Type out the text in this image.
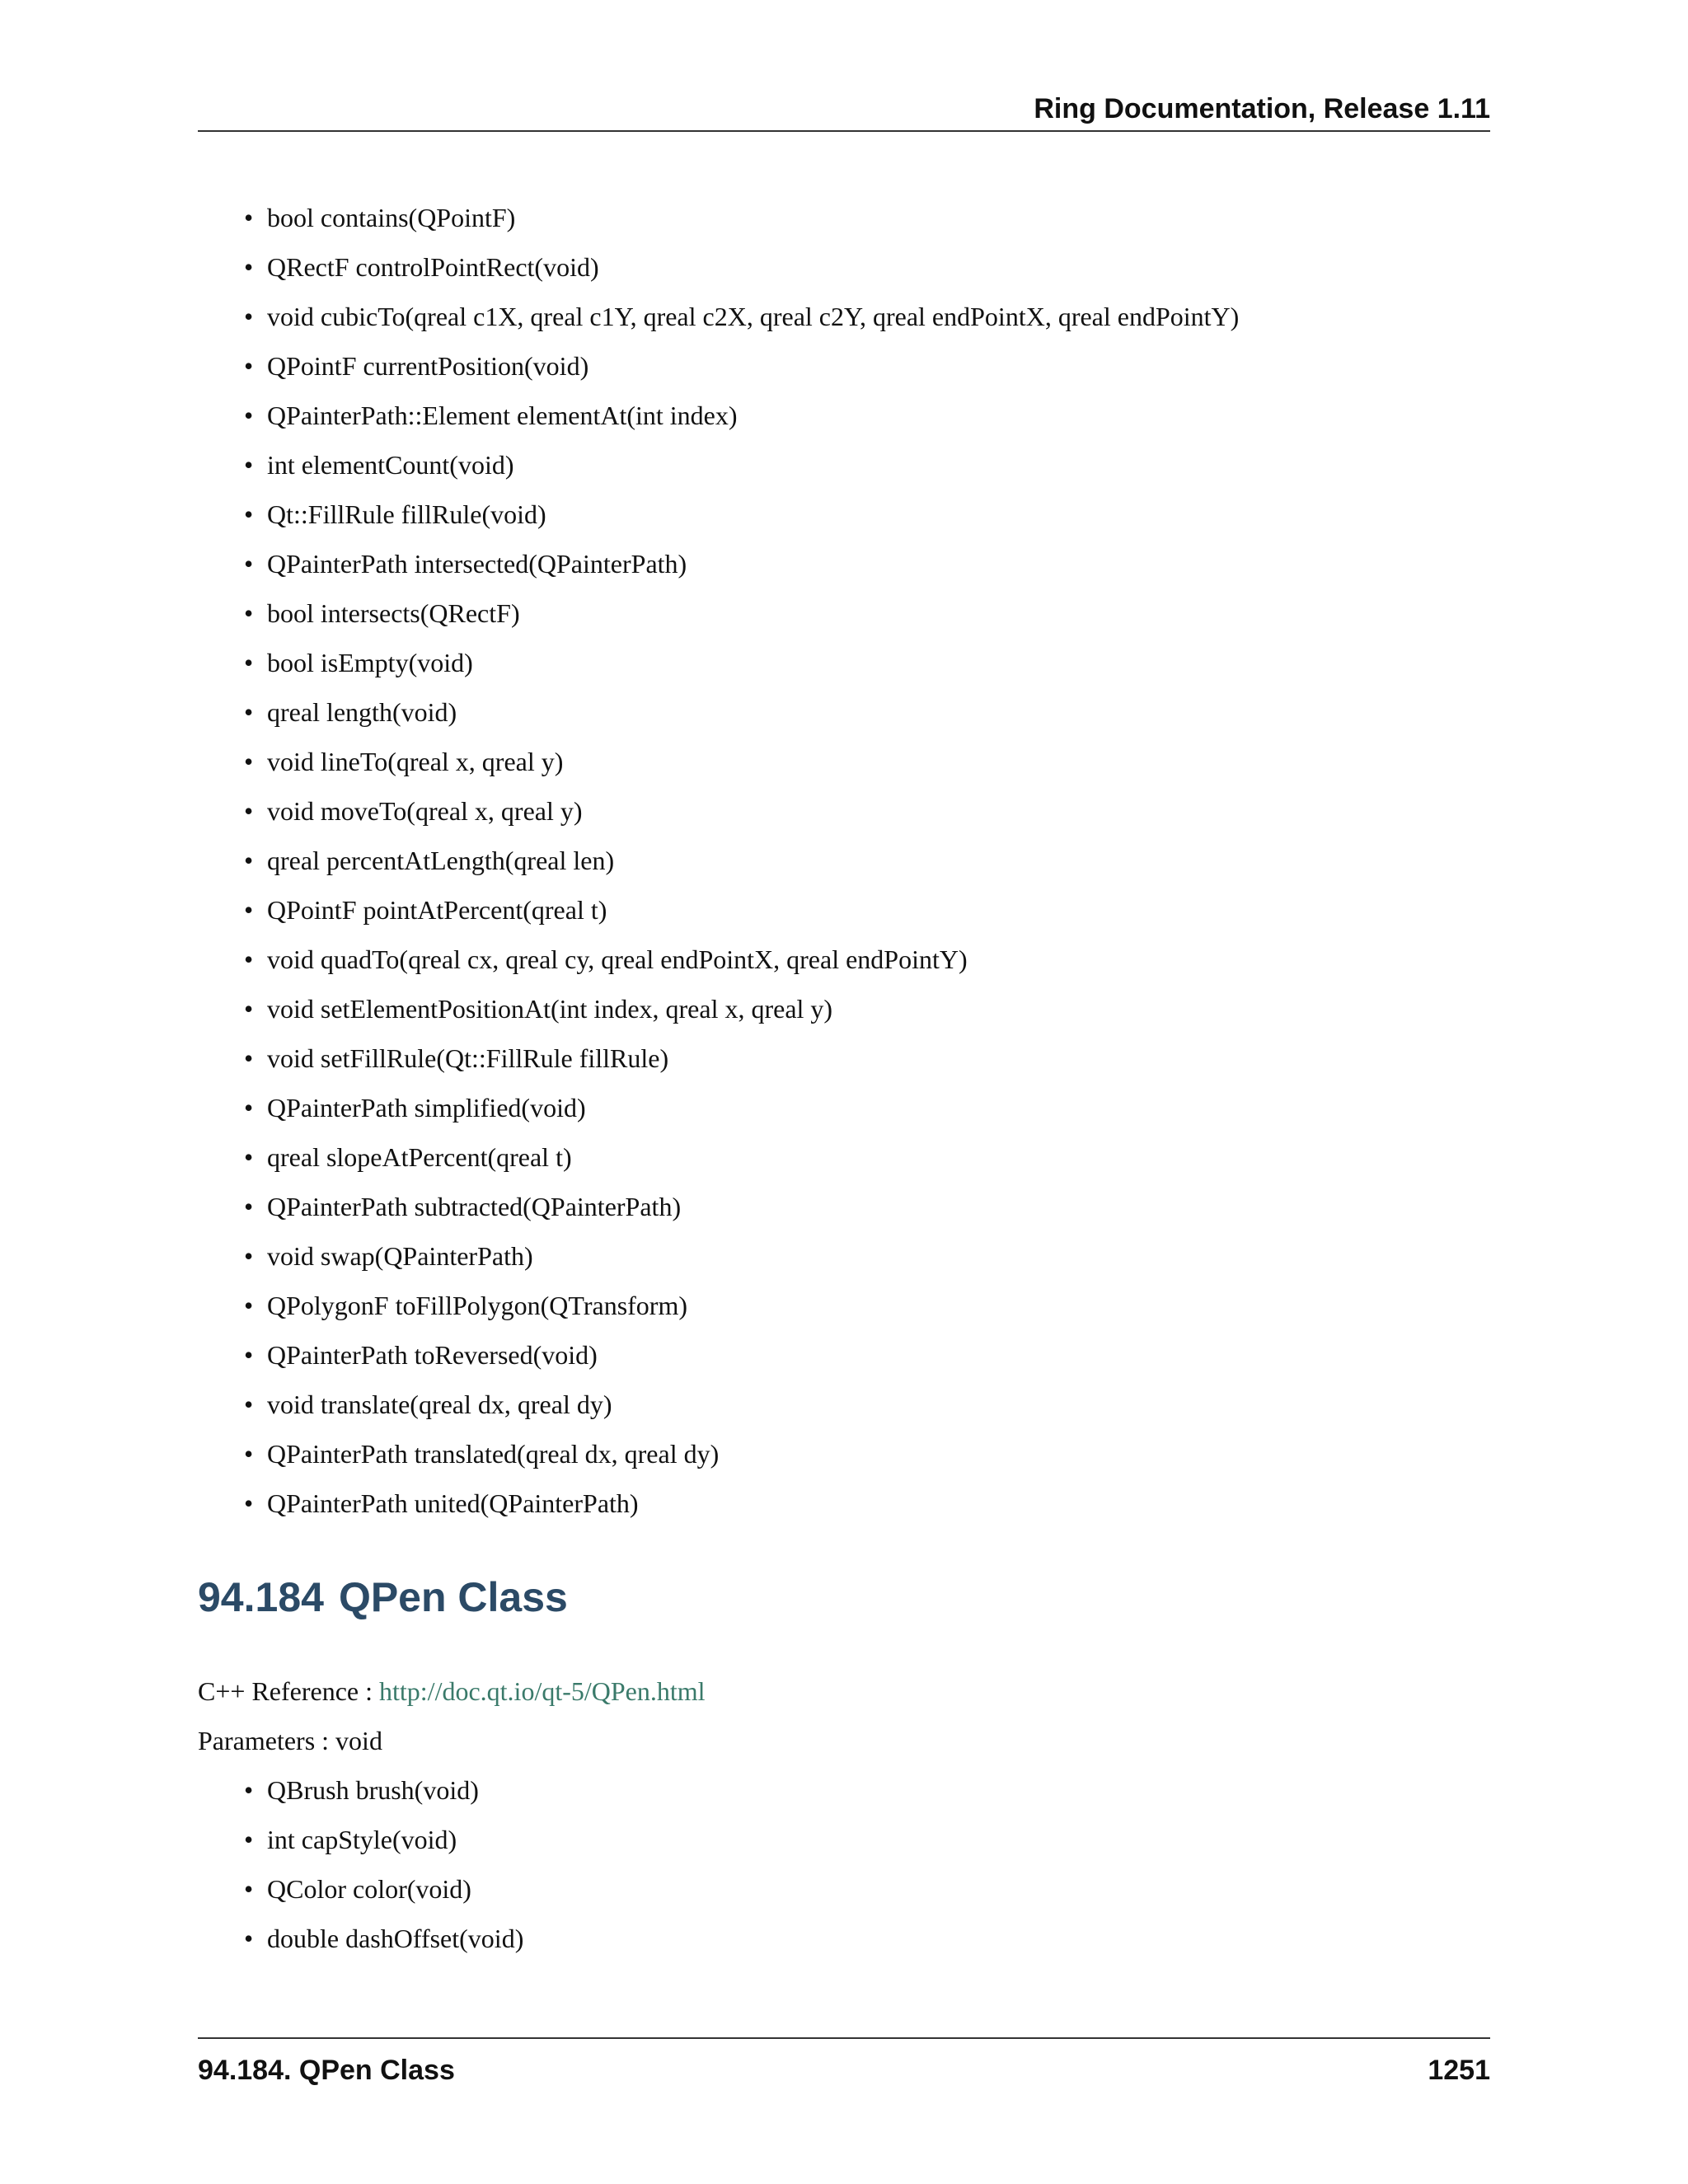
Ring Documentation, Release 1.11
• bool contains(QPointF)
• QRectF controlPointRect(void)
• void cubicTo(qreal c1X, qreal c1Y, qreal c2X, qreal c2Y, qreal endPointX, qreal endPointY)
• QPointF currentPosition(void)
• QPainterPath::Element elementAt(int index)
• int elementCount(void)
• Qt::FillRule fillRule(void)
• QPainterPath intersected(QPainterPath)
• bool intersects(QRectF)
• bool isEmpty(void)
• qreal length(void)
• void lineTo(qreal x, qreal y)
• void moveTo(qreal x, qreal y)
• qreal percentAtLength(qreal len)
• QPointF pointAtPercent(qreal t)
• void quadTo(qreal cx, qreal cy, qreal endPointX, qreal endPointY)
• void setElementPositionAt(int index, qreal x, qreal y)
• void setFillRule(Qt::FillRule fillRule)
• QPainterPath simplified(void)
• qreal slopeAtPercent(qreal t)
• QPainterPath subtracted(QPainterPath)
• void swap(QPainterPath)
• QPolygonF toFillPolygon(QTransform)
• QPainterPath toReversed(void)
• void translate(qreal dx, qreal dy)
• QPainterPath translated(qreal dx, qreal dy)
• QPainterPath united(QPainterPath)
94.184 QPen Class
C++ Reference : http://doc.qt.io/qt-5/QPen.html
Parameters : void
• QBrush brush(void)
• int capStyle(void)
• QColor color(void)
• double dashOffset(void)
94.184. QPen Class	1251
